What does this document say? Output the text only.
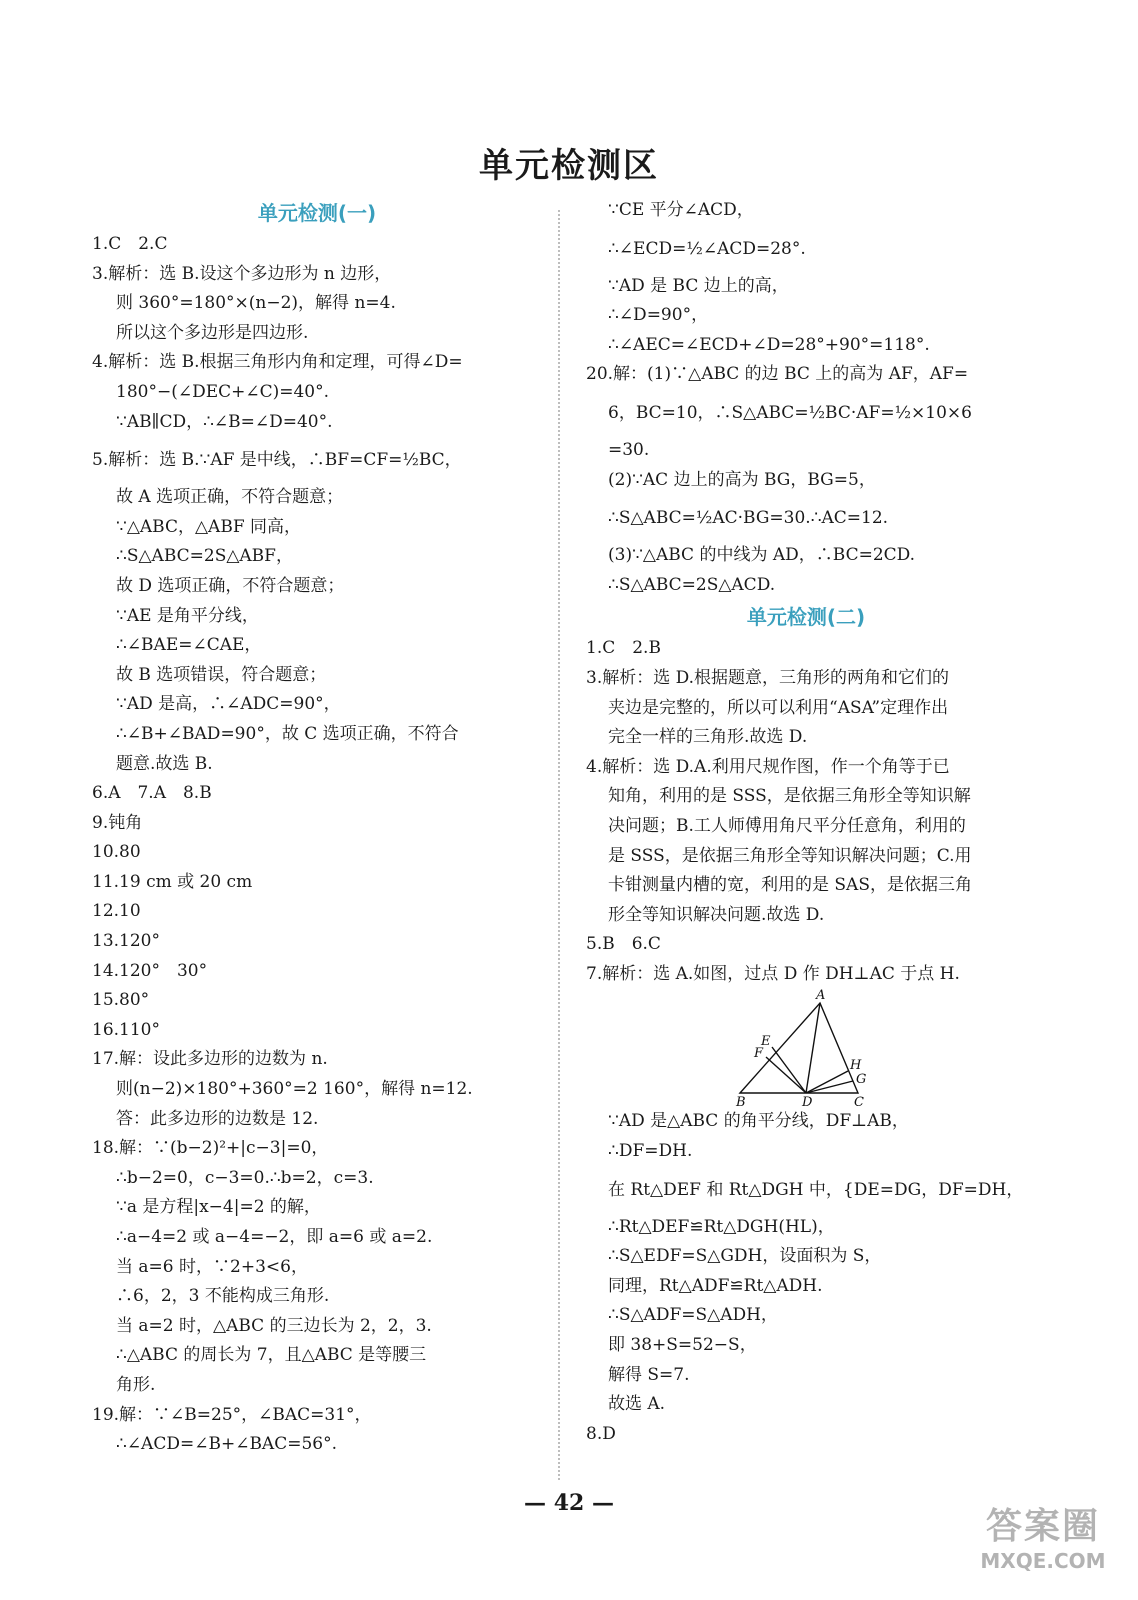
单元检测区
单元检测(一)
1.C　2.C
3.解析：选 B.设这个多边形为 n 边形，
则 360°=180°×(n−2)，解得 n=4.
所以这个多边形是四边形.
4.解析：选 B.根据三角形内角和定理，可得∠D=
180°−(∠DEC+∠C)=40°.
∵AB∥CD，∴∠B=∠D=40°.
5.解析：选 B.∵AF 是中线，∴BF=CF=½BC，
故 A 选项正确，不符合题意；
∵△ABC，△ABF 同高，
∴S△ABC=2S△ABF，
故 D 选项正确，不符合题意；
∵AE 是角平分线，
∴∠BAE=∠CAE，
故 B 选项错误，符合题意；
∵AD 是高，∴∠ADC=90°，
∴∠B+∠BAD=90°，故 C 选项正确，不符合
题意.故选 B.
6.A　7.A　8.B
9.钝角
10.80
11.19 cm 或 20 cm
12.10
13.120°
14.120°　30°
15.80°
16.110°
17.解：设此多边形的边数为 n.
则(n−2)×180°+360°=2 160°，解得 n=12.
答：此多边形的边数是 12.
18.解：∵(b−2)²+|c−3|=0，
∴b−2=0，c−3=0.∴b=2，c=3.
∵a 是方程|x−4|=2 的解，
∴a−4=2 或 a−4=−2，即 a=6 或 a=2.
当 a=6 时，∵2+3<6，
∴6，2，3 不能构成三角形.
当 a=2 时，△ABC 的三边长为 2，2，3.
∴△ABC 的周长为 7，且△ABC 是等腰三
角形.
19.解：∵∠B=25°，∠BAC=31°，
∴∠ACD=∠B+∠BAC=56°.
∵CE 平分∠ACD，
∴∠ECD=½∠ACD=28°.
∵AD 是 BC 边上的高，
∴∠D=90°，
∴∠AEC=∠ECD+∠D=28°+90°=118°.
20.解：(1)∵△ABC 的边 BC 上的高为 AF，AF=
6，BC=10，∴S△ABC=½BC·AF=½×10×6
=30.
(2)∵AC 边上的高为 BG，BG=5，
∴S△ABC=½AC·BG=30.∴AC=12.
(3)∵△ABC 的中线为 AD，∴BC=2CD.
∴S△ABC=2S△ACD.
单元检测(二)
1.C　2.B
3.解析：选 D.根据题意，三角形的两角和它们的
夹边是完整的，所以可以利用“ASA”定理作出
完全一样的三角形.故选 D.
4.解析：选 D.A.利用尺规作图，作一个角等于已
知角，利用的是 SSS，是依据三角形全等知识解
决问题；B.工人师傅用角尺平分任意角，利用的
是 SSS，是依据三角形全等知识解决问题；C.用
卡钳测量内槽的宽，利用的是 SAS，是依据三角
形全等知识解决问题.故选 D.
5.B　6.C
7.解析：选 A.如图，过点 D 作 DH⊥AC 于点 H.
A
E
F
H
G
B	D	C
∵AD 是△ABC 的角平分线，DF⊥AB，
∴DF=DH.
在 Rt△DEF 和 Rt△DGH 中，{DE=DG，DF=DH，
∴Rt△DEF≌Rt△DGH(HL)，
∴S△EDF=S△GDH，设面积为 S，
同理，Rt△ADF≌Rt△ADH.
∴S△ADF=S△ADH，
即 38+S=52−S，
解得 S=7.
故选 A.
8.D
— 42 —
答案圈
MXQE.COM
